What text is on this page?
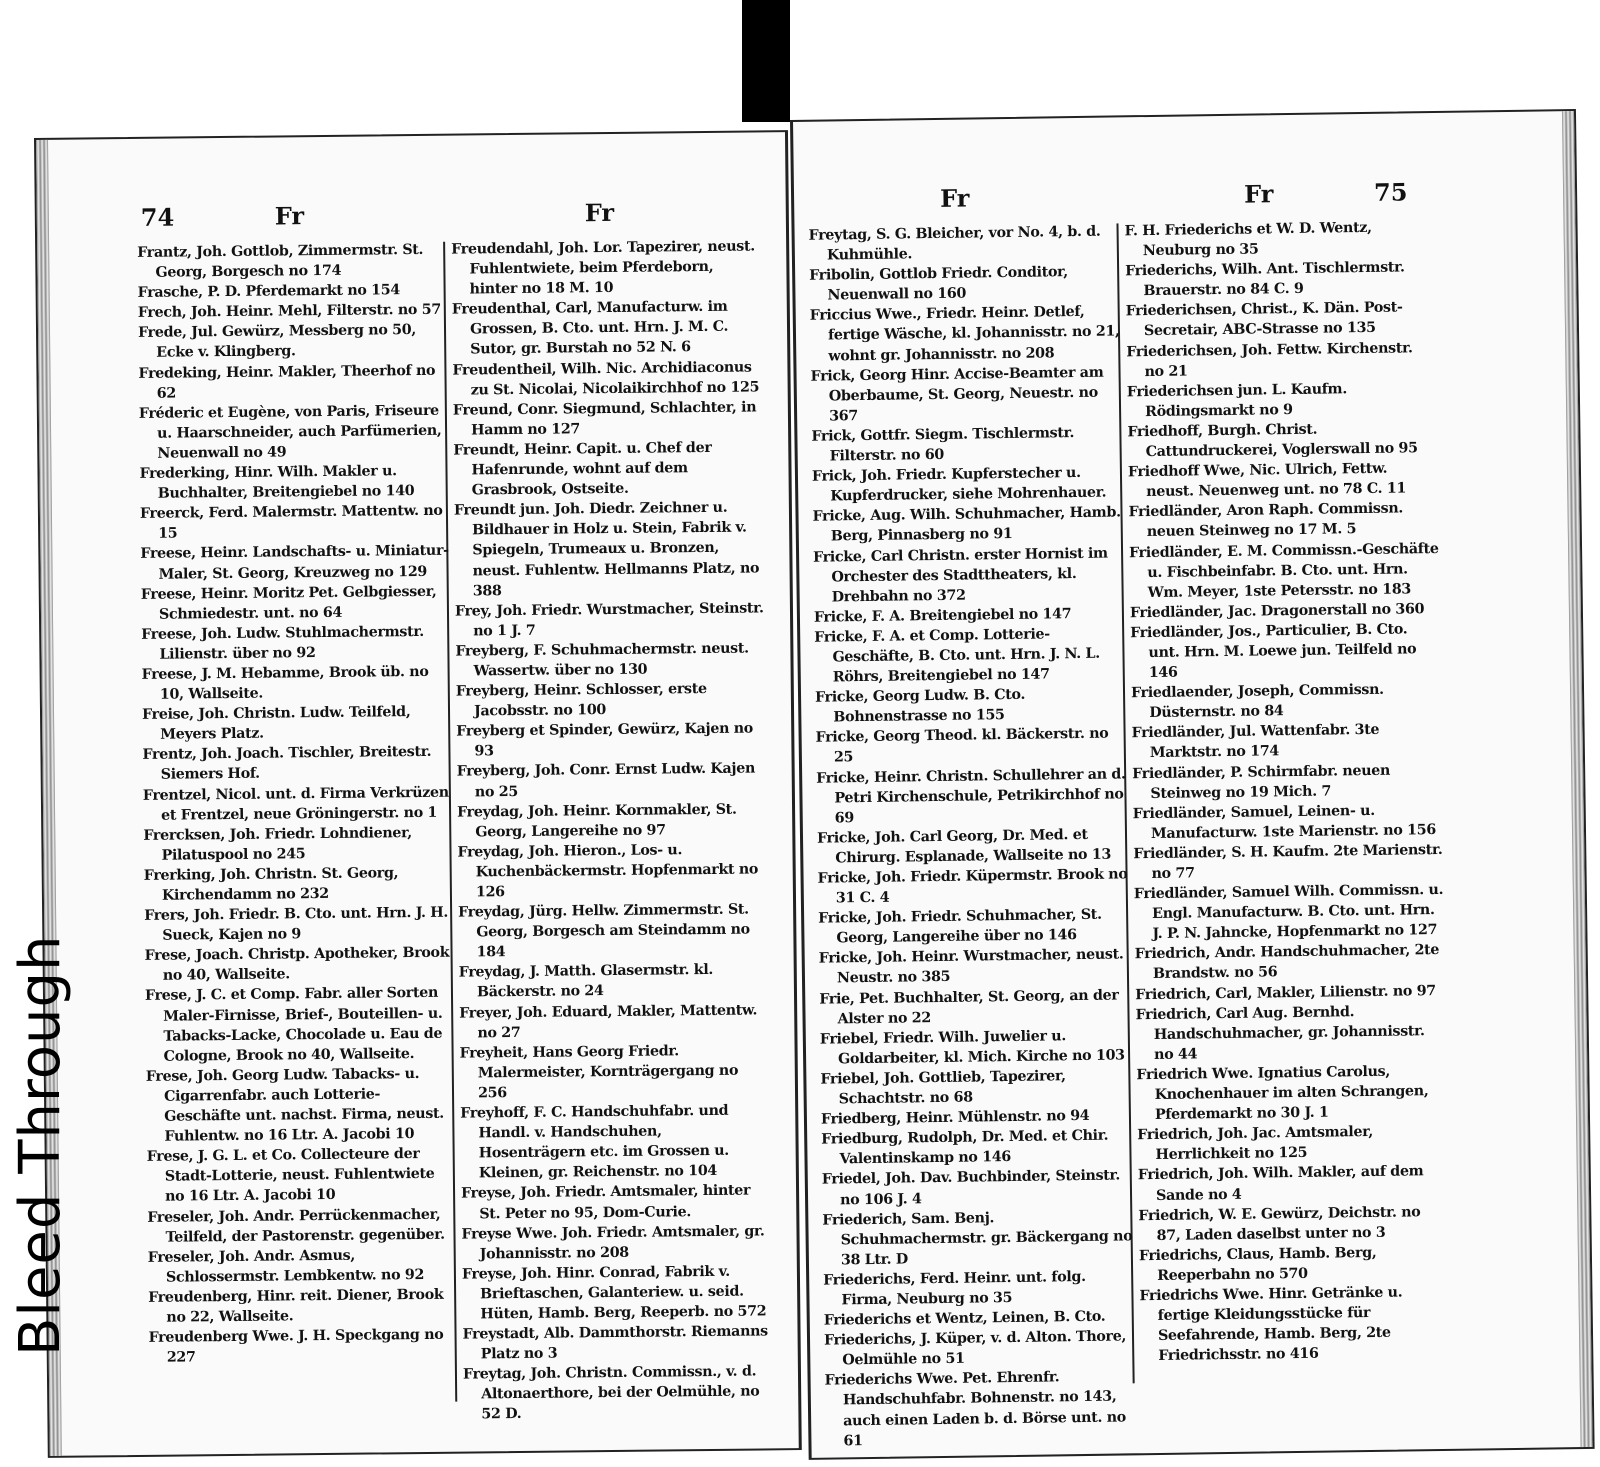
74	Fr	Fr

Frantz, Joh. Gottlob, Zimmermstr. St. Georg, Borgesch no 174

Frasche, P. D. Pferdemarkt no 154

Frech, Joh. Heinr. Mehl, Filterstr. no 57

Frede, Jul. Gewürz, Messberg no 50, Ecke v. Klingberg.

Fredeking, Heinr. Makler, Theerhof no 62

Fréderic et Eugène, von Paris, Friseure u. Haarschneider, auch Parfümerien, Neuenwall no 49

Frederking, Hinr. Wilh. Makler u. Buchhalter, Breitengiebel no 140

Freerck, Ferd. Malermstr. Mattentw. no 15

Freese, Heinr. Landschafts- u. Miniatur-Maler, St. Georg, Kreuzweg no 129

Freese, Heinr. Moritz Pet. Gelbgiesser, Schmiedestr. unt. no 64

Freese, Joh. Ludw. Stuhlmachermstr. Lilienstr. über no 92

Freese, J. M. Hebamme, Brook üb. no 10, Wallseite.

Freise, Joh. Christn. Ludw. Teilfeld, Meyers Platz.

Frentz, Joh. Joach. Tischler, Breitestr. Siemers Hof.

Frentzel, Nicol. unt. d. Firma Verkrüzen et Frentzel, neue Gröningerstr. no 1

Frercksen, Joh. Friedr. Lohndiener, Pilatuspool no 245

Frerking, Joh. Christn. St. Georg, Kirchendamm no 232

Frers, Joh. Friedr. B. Cto. unt. Hrn. J. H. Sueck, Kajen no 9

Frese, Joach. Christp. Apotheker, Brook no 40, Wallseite.

Frese, J. C. et Comp. Fabr. aller Sorten Maler-Firnisse, Brief-, Bouteillen- u. Tabacks-Lacke, Chocolade u. Eau de Cologne, Brook no 40, Wallseite.

Frese, Joh. Georg Ludw. Tabacks- u. Cigarrenfabr. auch Lotterie-Geschäfte unt. nachst. Firma, neust. Fuhlentw. no 16 Ltr. A. Jacobi 10

Frese, J. G. L. et Co. Collecteure der Stadt-Lotterie, neust. Fuhlentwiete no 16 Ltr. A. Jacobi 10

Freseler, Joh. Andr. Perrückenmacher, Teilfeld, der Pastorenstr. gegenüber.

Freseler, Joh. Andr. Asmus, Schlossermstr. Lembkentw. no 92

Freudenberg, Hinr. reit. Diener, Brook no 22, Wallseite.

Freudenberg Wwe. J. H. Speckgang no 227

Freudendahl, Joh. Lor. Tapezirer, neust. Fuhlentwiete, beim Pferdeborn, hinter no 18 M. 10

Freudenthal, Carl, Manufacturw. im Grossen, B. Cto. unt. Hrn. J. M. C. Sutor, gr. Burstah no 52 N. 6

Freudentheil, Wilh. Nic. Archidiaconus zu St. Nicolai, Nicolaikirchhof no 125

Freund, Conr. Siegmund, Schlachter, in Hamm no 127

Freundt, Heinr. Capit. u. Chef der Hafenrunde, wohnt auf dem Grasbrook, Ostseite.

Freundt jun. Joh. Diedr. Zeichner u. Bildhauer in Holz u. Stein, Fabrik v. Spiegeln, Trumeaux u. Bronzen, neust. Fuhlentw. Hellmanns Platz, no 388

Frey, Joh. Friedr. Wurstmacher, Steinstr. no 1 J. 7

Freyberg, F. Schuhmachermstr. neust. Wassertw. über no 130

Freyberg, Heinr. Schlosser, erste Jacobsstr. no 100

Freyberg et Spinder, Gewürz, Kajen no 93

Freyberg, Joh. Conr. Ernst Ludw. Kajen no 25

Freydag, Joh. Heinr. Kornmakler, St. Georg, Langereihe no 97

Freydag, Joh. Hieron., Los- u. Kuchenbäckermstr. Hopfenmarkt no 126

Freydag, Jürg. Hellw. Zimmermstr. St. Georg, Borgesch am Steindamm no 184

Freydag, J. Matth. Glasermstr. kl. Bäckerstr. no 24

Freyer, Joh. Eduard, Makler, Mattentw. no 27

Freyheit, Hans Georg Friedr. Malermeister, Kornträgergang no 256

Freyhoff, F. C. Handschuhfabr. und Handl. v. Handschuhen, Hosenträgern etc. im Grossen u. Kleinen, gr. Reichenstr. no 104

Freyse, Joh. Friedr. Amtsmaler, hinter St. Peter no 95, Dom-Curie.

Freyse Wwe. Joh. Friedr. Amtsmaler, gr. Johannisstr. no 208

Freyse, Joh. Hinr. Conrad, Fabrik v. Brieftaschen, Galanteriew. u. seid. Hüten, Hamb. Berg, Reeperb. no 572

Freystadt, Alb. Dammthorstr. Riemanns Platz no 3

Freytag, Joh. Christn. Commissn., v. d. Altonaerthore, bei der Oelmühle, no 52 D.

Fr	Fr	75

Freytag, S. G. Bleicher, vor No. 4, b. d. Kuhmühle.

Fribolin, Gottlob Friedr. Conditor, Neuenwall no 160

Friccius Wwe., Friedr. Heinr. Detlef, fertige Wäsche, kl. Johannisstr. no 21, wohnt gr. Johannisstr. no 208

Frick, Georg Hinr. Accise-Beamter am Oberbaume, St. Georg, Neuestr. no 367

Frick, Gottfr. Siegm. Tischlermstr. Filterstr. no 60

Frick, Joh. Friedr. Kupferstecher u. Kupferdrucker, siehe Mohrenhauer.

Fricke, Aug. Wilh. Schuhmacher, Hamb. Berg, Pinnasberg no 91

Fricke, Carl Christn. erster Hornist im Orchester des Stadttheaters, kl. Drehbahn no 372

Fricke, F. A. Breitengiebel no 147

Fricke, F. A. et Comp. Lotterie-Geschäfte, B. Cto. unt. Hrn. J. N. L. Röhrs, Breitengiebel no 147

Fricke, Georg Ludw. B. Cto. Bohnenstrasse no 155

Fricke, Georg Theod. kl. Bäckerstr. no 25

Fricke, Heinr. Christn. Schullehrer an d. Petri Kirchenschule, Petrikirchhof no 69

Fricke, Joh. Carl Georg, Dr. Med. et Chirurg. Esplanade, Wallseite no 13

Fricke, Joh. Friedr. Küpermstr. Brook no 31 C. 4

Fricke, Joh. Friedr. Schuhmacher, St. Georg, Langereihe über no 146

Fricke, Joh. Heinr. Wurstmacher, neust. Neustr. no 385

Frie, Pet. Buchhalter, St. Georg, an der Alster no 22

Friebel, Friedr. Wilh. Juwelier u. Goldarbeiter, kl. Mich. Kirche no 103

Friebel, Joh. Gottlieb, Tapezirer, Schachtstr. no 68

Friedberg, Heinr. Mühlenstr. no 94

Friedburg, Rudolph, Dr. Med. et Chir. Valentinskamp no 146

Friedel, Joh. Dav. Buchbinder, Steinstr. no 106 J. 4

Friederich, Sam. Benj. Schuhmachermstr. gr. Bäckergang no 38 Ltr. D

Friederichs, Ferd. Heinr. unt. folg. Firma, Neuburg no 35

Friederichs et Wentz, Leinen, B. Cto.

Friederichs, J. Küper, v. d. Alton. Thore, Oelmühle no 51

Friederichs Wwe. Pet. Ehrenfr. Handschuhfabr. Bohnenstr. no 143, auch einen Laden b. d. Börse unt. no 61

F. H. Friederichs et W. D. Wentz, Neuburg no 35

Friederichs, Wilh. Ant. Tischlermstr. Brauerstr. no 84 C. 9

Friederichsen, Christ., K. Dän. Post-Secretair, ABC-Strasse no 135

Friederichsen, Joh. Fettw. Kirchenstr. no 21

Friederichsen jun. L. Kaufm. Rödingsmarkt no 9

Friedhoff, Burgh. Christ. Cattundruckerei, Voglerswall no 95

Friedhoff Wwe, Nic. Ulrich, Fettw. neust. Neuenweg unt. no 78 C. 11

Friedländer, Aron Raph. Commissn. neuen Steinweg no 17 M. 5

Friedländer, E. M. Commissn.-Geschäfte u. Fischbeinfabr. B. Cto. unt. Hrn. Wm. Meyer, 1ste Petersstr. no 183

Friedländer, Jac. Dragonerstall no 360

Friedländer, Jos., Particulier, B. Cto. unt. Hrn. M. Loewe jun. Teilfeld no 146

Friedlaender, Joseph, Commissn. Düsternstr. no 84

Friedländer, Jul. Wattenfabr. 3te Marktstr. no 174

Friedländer, P. Schirmfabr. neuen Steinweg no 19 Mich. 7

Friedländer, Samuel, Leinen- u. Manufacturw. 1ste Marienstr. no 156

Friedländer, S. H. Kaufm. 2te Marienstr. no 77

Friedländer, Samuel Wilh. Commissn. u. Engl. Manufacturw. B. Cto. unt. Hrn. J. P. N. Jahncke, Hopfenmarkt no 127

Friedrich, Andr. Handschuhmacher, 2te Brandstw. no 56

Friedrich, Carl, Makler, Lilienstr. no 97

Friedrich, Carl Aug. Bernhd. Handschuhmacher, gr. Johannisstr. no 44

Friedrich Wwe. Ignatius Carolus, Knochenhauer im alten Schrangen, Pferdemarkt no 30 J. 1

Friedrich, Joh. Jac. Amtsmaler, Herrlichkeit no 125

Friedrich, Joh. Wilh. Makler, auf dem Sande no 4

Friedrich, W. E. Gewürz, Deichstr. no 87, Laden daselbst unter no 3

Friedrichs, Claus, Hamb. Berg, Reeperbahn no 570

Friedrichs Wwe. Hinr. Getränke u. fertige Kleidungsstücke für Seefahrende, Hamb. Berg, 2te Friedrichsstr. no 416

Bleed Through
